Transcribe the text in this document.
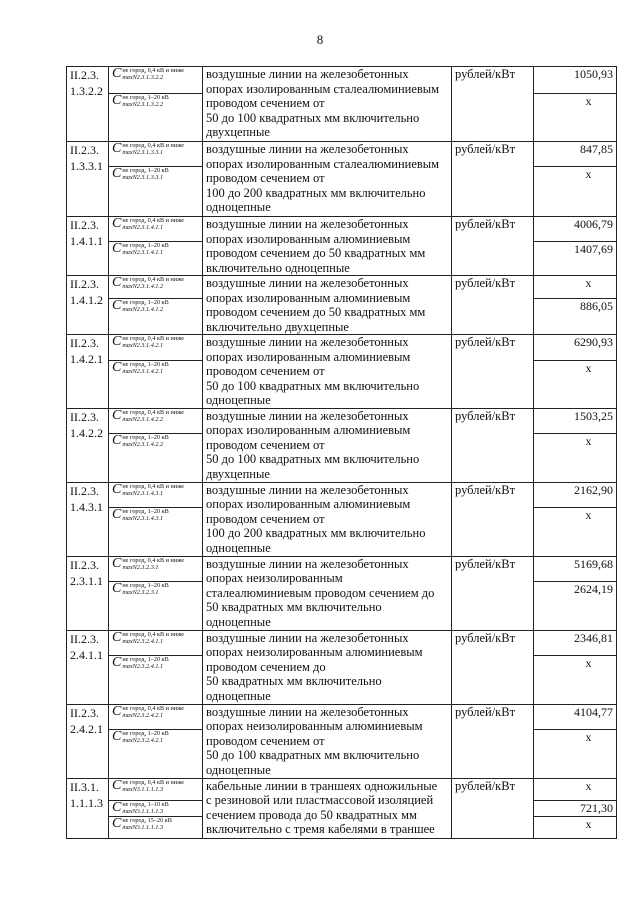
8
II.2.3.1.3.2.2	C не город, 0,4 кВ и ниже
maxN2.3.1.3.2.2	воздушные линии на железобетонных
опорах изолированным сталеалюминиевым
проводом сечением от
50 до 100 квадратных мм включительно
двухцепные	рублей/кВт	1050,93

	C не город, 1–20 кВ
maxN2.3.1.3.2.2			x
II.2.3.1.3.3.1	C не город, 0,4 кВ и ниже
maxN2.3.1.3.3.1	воздушные линии на железобетонных
опорах изолированным сталеалюминиевым
проводом сечением от
100 до 200 квадратных мм включительно
одноцепные	рублей/кВт	847,85

	C не город, 1–20 кВ
maxN2.3.1.3.3.1			x
II.2.3.1.4.1.1	C не город, 0,4 кВ и ниже
maxN2.3.1.4.1.1	воздушные линии на железобетонных
опорах изолированным алюминиевым
проводом сечением до 50 квадратных мм
включительно одноцепные	рублей/кВт	4006,79

	C не город, 1–20 кВ
maxN2.3.1.4.1.1			1407,69
II.2.3.1.4.1.2	C не город, 0,4 кВ и ниже
maxN2.3.1.4.1.2	воздушные линии на железобетонных
опорах изолированным алюминиевым
проводом сечением до 50 квадратных мм
включительно двухцепные	рублей/кВт	x

	C не город, 1–20 кВ
maxN2.3.1.4.1.2			886,05
II.2.3.1.4.2.1	C не город, 0,4 кВ и ниже
maxN2.3.1.4.2.1	воздушные линии на железобетонных
опорах изолированным алюминиевым
проводом сечением от
50 до 100 квадратных мм включительно
одноцепные	рублей/кВт	6290,93

	C не город, 1–20 кВ
maxN2.3.1.4.2.1			x
II.2.3.1.4.2.2	C не город, 0,4 кВ и ниже
maxN2.3.1.4.2.2	воздушные линии на железобетонных
опорах изолированным алюминиевым
проводом сечением от
50 до 100 квадратных мм включительно
двухцепные	рублей/кВт	1503,25

	C не город, 1–20 кВ
maxN2.3.1.4.2.2			x
II.2.3.1.4.3.1	C не город, 0,4 кВ и ниже
maxN2.3.1.4.3.1	воздушные линии на железобетонных
опорах изолированным алюминиевым
проводом сечением от
100 до 200 квадратных мм включительно
одноцепные	рублей/кВт	2162,90

	C не город, 1–20 кВ
maxN2.3.1.4.3.1			x
II.2.3.2.3.1.1	C не город, 0,4 кВ и ниже
maxN2.3.2.3.1	воздушные линии на железобетонных
опорах неизолированным
сталеалюминиевым проводом сечением до
50 квадратных мм включительно
одноцепные	рублей/кВт	5169,68

	C не город, 1–20 кВ
maxN2.3.2.3.1			2624,19
II.2.3.2.4.1.1	C не город, 0,4 кВ и ниже
maxN2.3.2.4.1.1	воздушные линии на железобетонных
опорах неизолированным алюминиевым
проводом сечением до
50 квадратных мм включительно
одноцепные	рублей/кВт	2346,81

	C не город, 1–20 кВ
maxN2.3.2.4.1.1			x
II.2.3.2.4.2.1	C не город, 0,4 кВ и ниже
maxN2.3.2.4.2.1	воздушные линии на железобетонных
опорах неизолированным алюминиевым
проводом сечением от
50 до 100 квадратных мм включительно
одноцепные	рублей/кВт	4104,77

	C не город, 1–20 кВ
maxN2.3.2.4.2.1			x
II.3.1.1.1.1.3	C не город, 0,4 кВ и ниже
maxN3.1.1.1.1.3	кабельные линии в траншеях одножильные
с резиновой или пластмассовой изоляцией
сечением провода до 50 квадратных мм
включительно с тремя кабелями в траншее	рублей/кВт	x

	C не город, 1–10 кВ
maxN3.1.1.1.1.3			721,30

	C не город, 15–20 кВ
maxN3.1.1.1.1.3			x
